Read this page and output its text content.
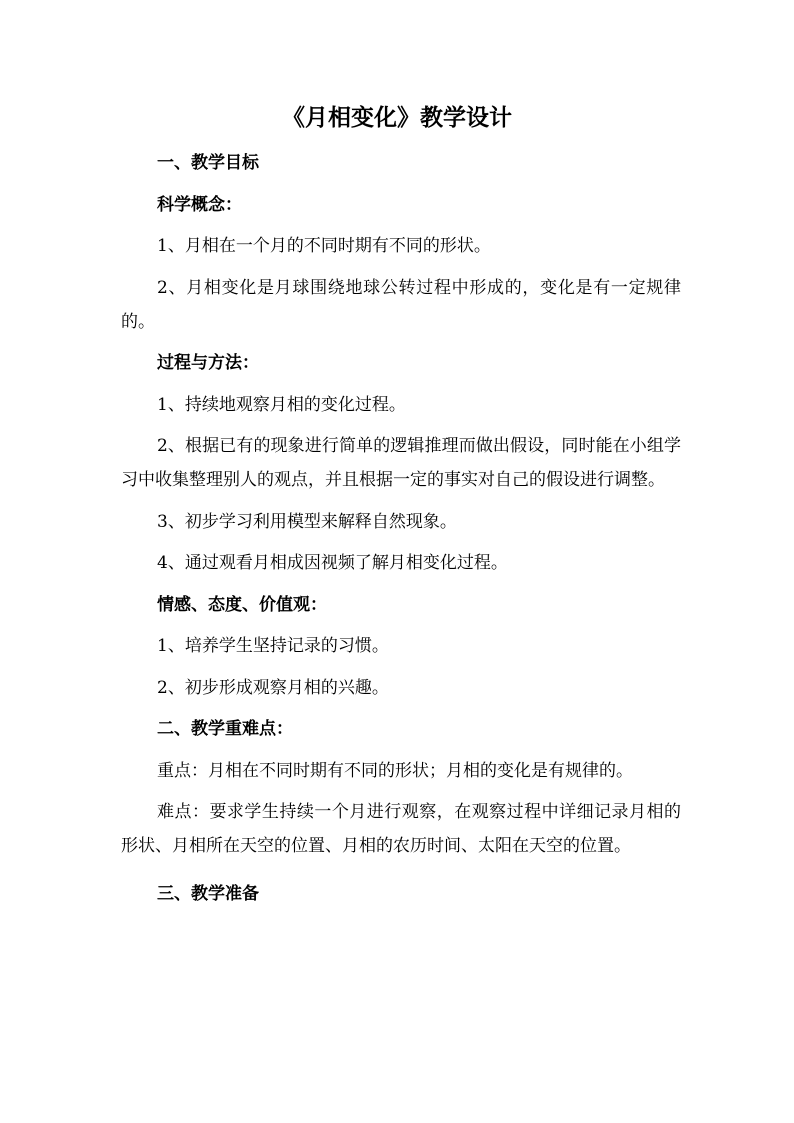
《月相变化》教学设计

一、教学目标

科学概念：

1、月相在一个月的不同时期有不同的形状。

2、月相变化是月球围绕地球公转过程中形成的，变化是有一定规律的。

过程与方法：

1、持续地观察月相的变化过程。

2、根据已有的现象进行简单的逻辑推理而做出假设，同时能在小组学习中收集整理别人的观点，并且根据一定的事实对自己的假设进行调整。

3、初步学习利用模型来解释自然现象。

4、通过观看月相成因视频了解月相变化过程。

情感、态度、价值观：

1、培养学生坚持记录的习惯。

2、初步形成观察月相的兴趣。

二、教学重难点：

重点：月相在不同时期有不同的形状；月相的变化是有规律的。

难点：要求学生持续一个月进行观察，在观察过程中详细记录月相的形状、月相所在天空的位置、月相的农历时间、太阳在天空的位置。

三、教学准备
